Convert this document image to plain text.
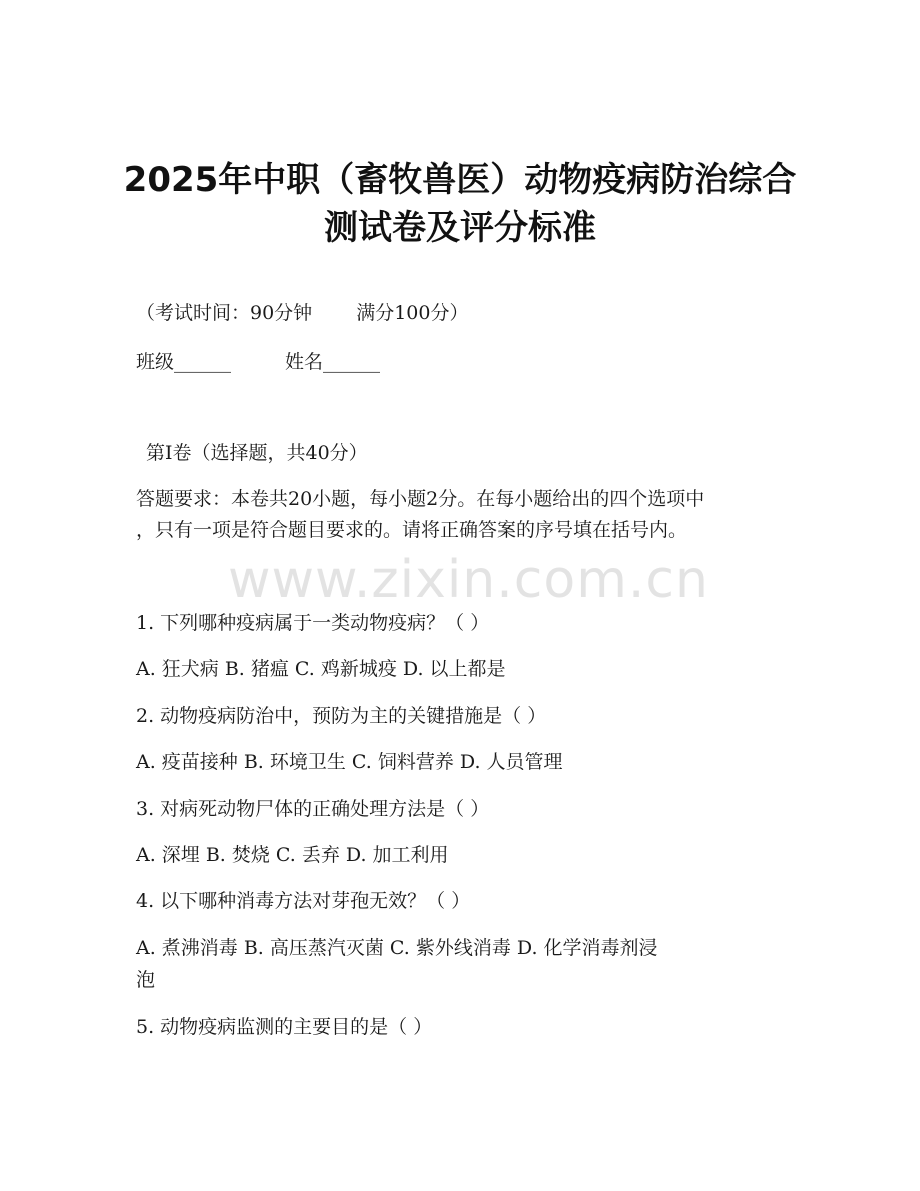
2025年中职（畜牧兽医）动物疫病防治综合
测试卷及评分标准
（考试时间：90分钟 满分100分）
班级______	姓名______
第I卷（选择题，共40分）
答题要求：本卷共20小题，每小题2分。在每小题给出的四个选项中
，只有一项是符合题目要求的。请将正确答案的序号填在括号内。
www.zixin.com.cn
1. 下列哪种疫病属于一类动物疫病？（ ）
A. 狂犬病 B. 猪瘟 C. 鸡新城疫 D. 以上都是
2. 动物疫病防治中，预防为主的关键措施是（ ）
A. 疫苗接种 B. 环境卫生 C. 饲料营养 D. 人员管理
3. 对病死动物尸体的正确处理方法是（ ）
A. 深埋 B. 焚烧 C. 丢弃 D. 加工利用
4. 以下哪种消毒方法对芽孢无效？（ ）
A. 煮沸消毒 B. 高压蒸汽灭菌 C. 紫外线消毒 D. 化学消毒剂浸
泡
5. 动物疫病监测的主要目的是（ ）
